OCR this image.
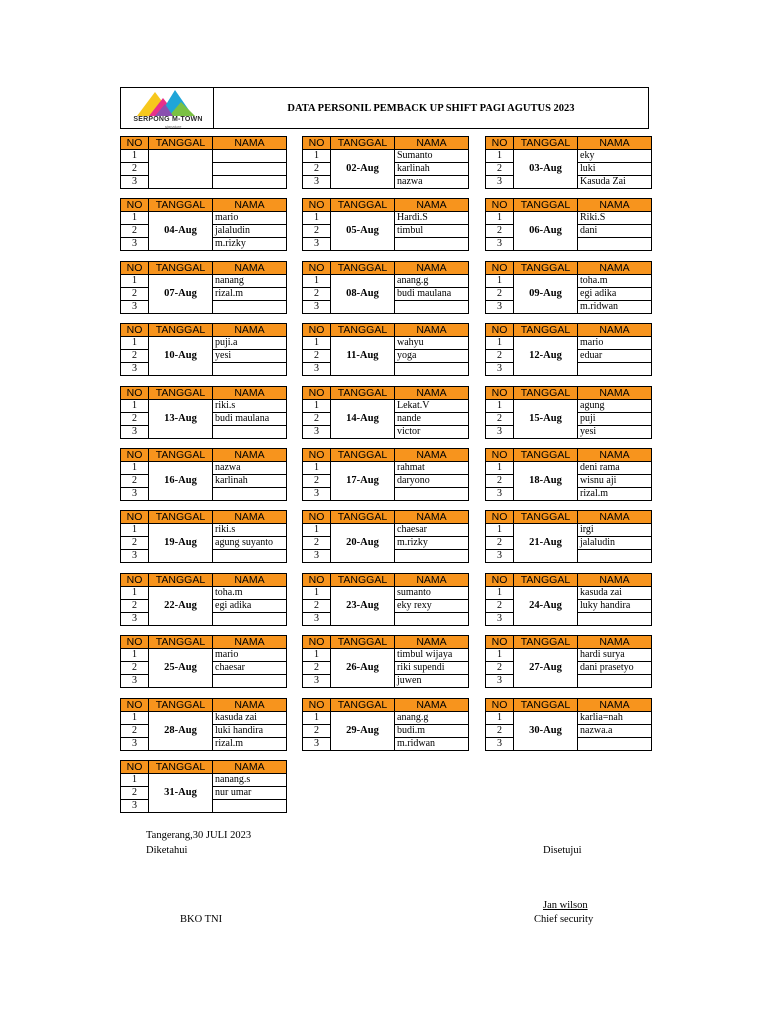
SERPONG M-TOWN
signature
DATA PERSONIL PEMBACK UP SHIFT PAGI AGUTUS 2023
NO	TANGGAL	NAMA
1		
2		
3		
NO	TANGGAL	NAMA
1	02-Aug	Sumanto
2		karlinah
3		nazwa
NO	TANGGAL	NAMA
1	03-Aug	eky
2		luki
3		Kasuda Zai
NO	TANGGAL	NAMA
1	04-Aug	mario
2		jalaludin
3		m.rizky
NO	TANGGAL	NAMA
1	05-Aug	Hardi.S
2		timbul
3		
NO	TANGGAL	NAMA
1	06-Aug	Riki.S
2		dani
3		
NO	TANGGAL	NAMA
1	07-Aug	nanang
2		rizal.m
3		
NO	TANGGAL	NAMA
1	08-Aug	anang.g
2		budi maulana
3		
NO	TANGGAL	NAMA
1	09-Aug	toha.m
2		egi adika
3		m.ridwan
NO	TANGGAL	NAMA
1	10-Aug	puji.a
2		yesi
3		
NO	TANGGAL	NAMA
1	11-Aug	wahyu
2		yoga
3		
NO	TANGGAL	NAMA
1	12-Aug	mario
2		eduar
3		
NO	TANGGAL	NAMA
1	13-Aug	riki.s
2		budi maulana
3		
NO	TANGGAL	NAMA
1	14-Aug	Lekat.V
2		nande
3		victor
NO	TANGGAL	NAMA
1	15-Aug	agung
2		puji
3		yesi
NO	TANGGAL	NAMA
1	16-Aug	nazwa
2		karlinah
3		
NO	TANGGAL	NAMA
1	17-Aug	rahmat
2		daryono
3		
NO	TANGGAL	NAMA
1	18-Aug	deni rama
2		wisnu aji
3		rizal.m
NO	TANGGAL	NAMA
1	19-Aug	riki.s
2		agung suyanto
3		
NO	TANGGAL	NAMA
1	20-Aug	chaesar
2		m.rizky
3		
NO	TANGGAL	NAMA
1	21-Aug	irgi
2		jalaludin
3		
NO	TANGGAL	NAMA
1	22-Aug	toha.m
2		egi adika
3		
NO	TANGGAL	NAMA
1	23-Aug	sumanto
2		eky rexy
3		
NO	TANGGAL	NAMA
1	24-Aug	kasuda zai
2		luky handira
3		
NO	TANGGAL	NAMA
1	25-Aug	mario
2		chaesar
3		
NO	TANGGAL	NAMA
1	26-Aug	timbul wijaya
2		riki supendi
3		juwen
NO	TANGGAL	NAMA
1	27-Aug	hardi surya
2		dani prasetyo
3		
NO	TANGGAL	NAMA
1	28-Aug	kasuda zai
2		luki handira
3		rizal.m
NO	TANGGAL	NAMA
1	29-Aug	anang.g
2		budi.m
3		m.ridwan
NO	TANGGAL	NAMA
1	30-Aug	karlia=nah
2		nazwa.a
3		
NO	TANGGAL	NAMA
1	31-Aug	nanang.s
2		nur umar
3		
Tangerang,30 JULI 2023
Diketahui	Disetujui
Jan wilson
Chief security
BKO TNI
